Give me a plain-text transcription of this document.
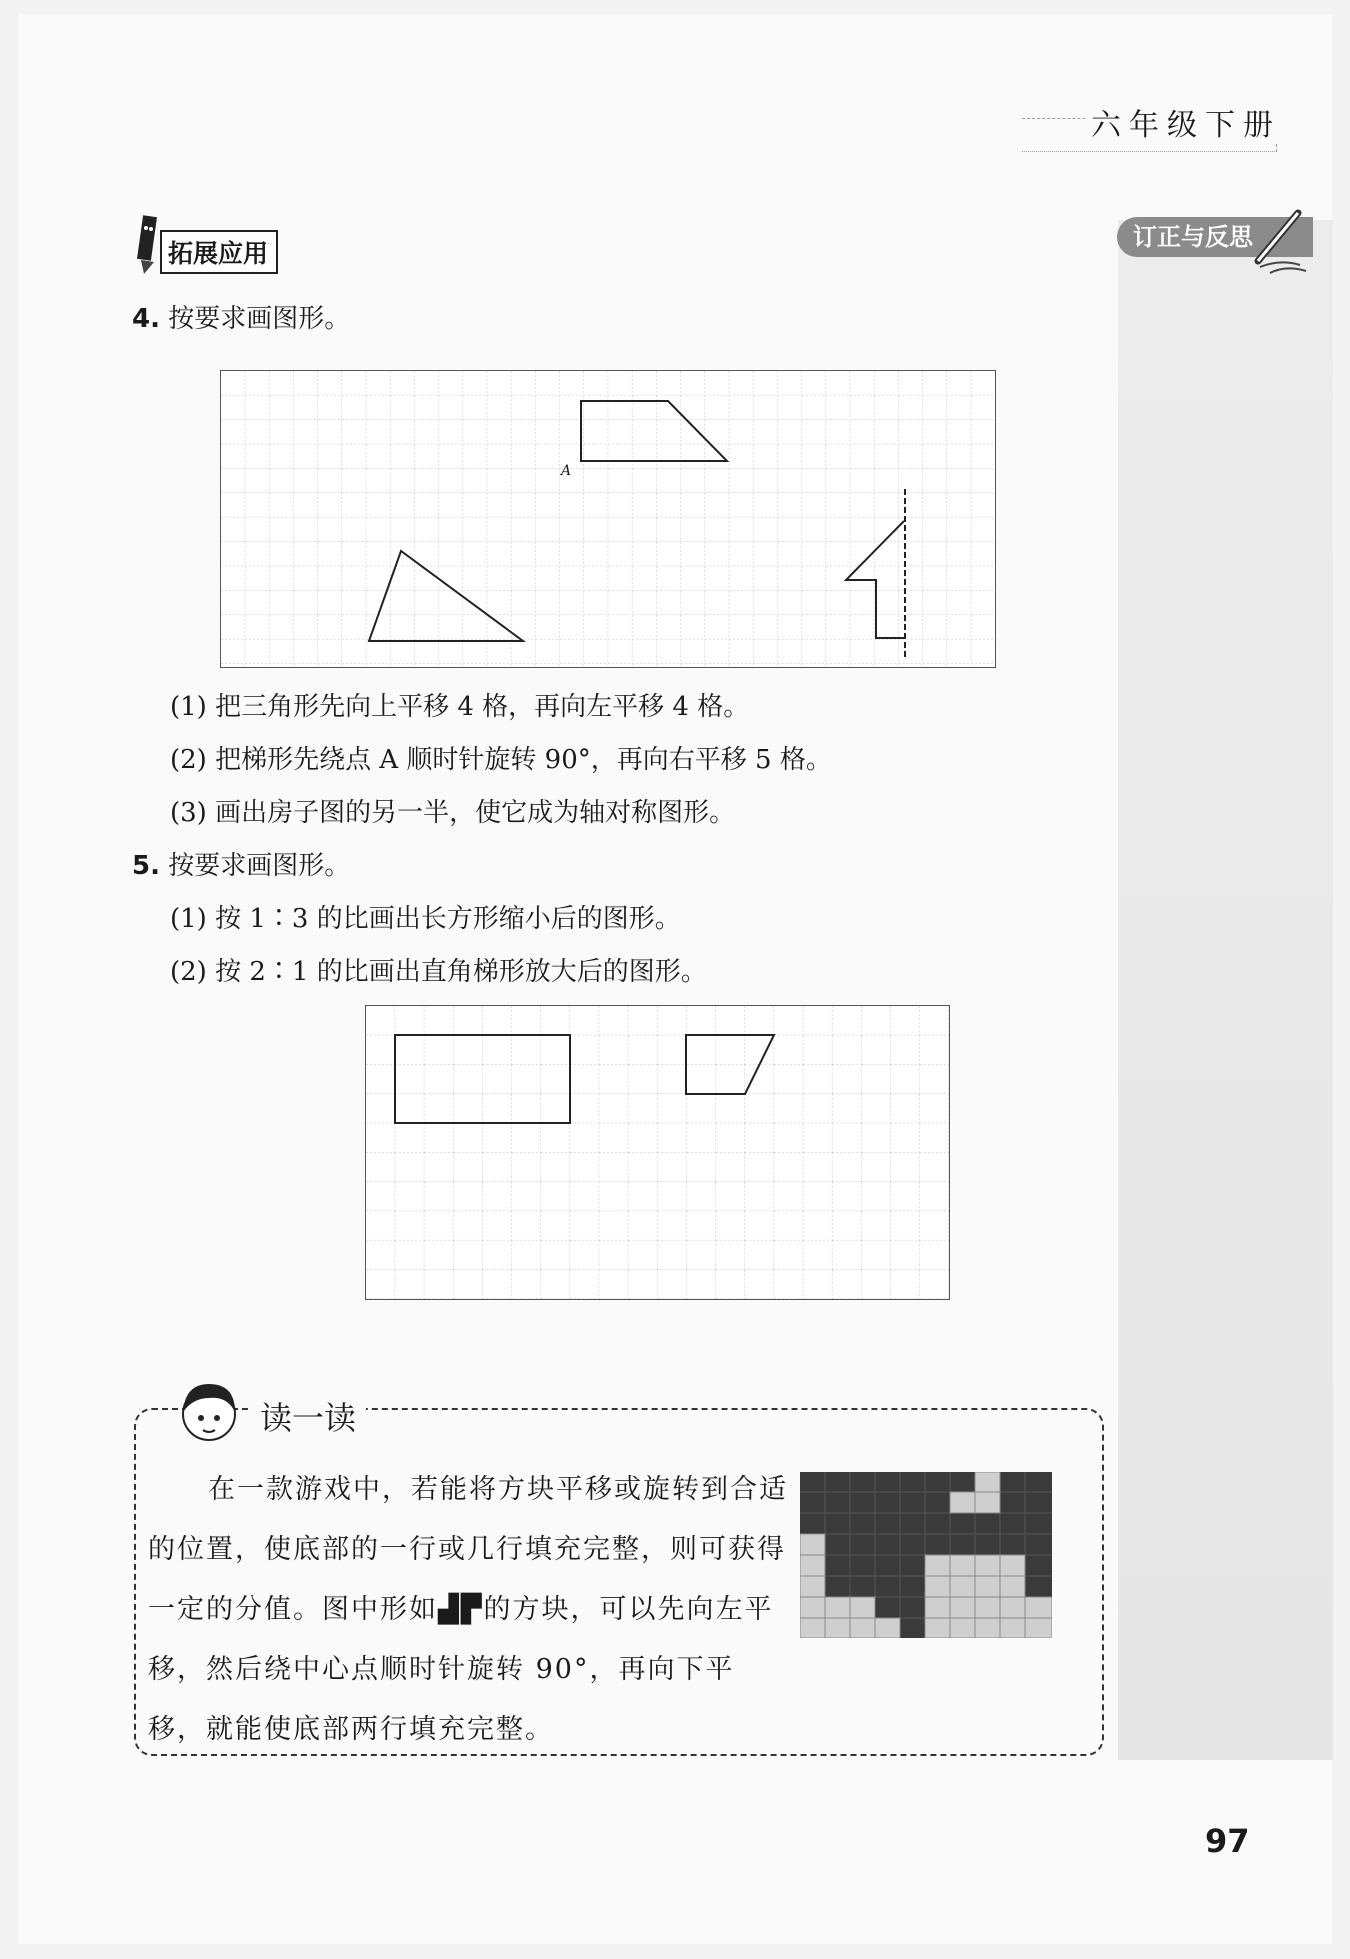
六年级下册
订正与反思
拓展应用
4. 按要求画图形。
A
(1) 把三角形先向上平移 4 格，再向左平移 4 格。
(2) 把梯形先绕点 A 顺时针旋转 90°，再向右平移 5 格。
(3) 画出房子图的另一半，使它成为轴对称图形。
5. 按要求画图形。
(1) 按 1∶3 的比画出长方形缩小后的图形。
(2) 按 2∶1 的比画出直角梯形放大后的图形。
读一读
在一款游戏中，若能将方块平移或旋转到合适的位置，使底部的一行或几行填充完整，则可获得一定的分值。图中形如▟▛的方块，可以先向左平移，然后绕中心点顺时针旋转 90°，再向下平移，就能使底部两行填充完整。
97
